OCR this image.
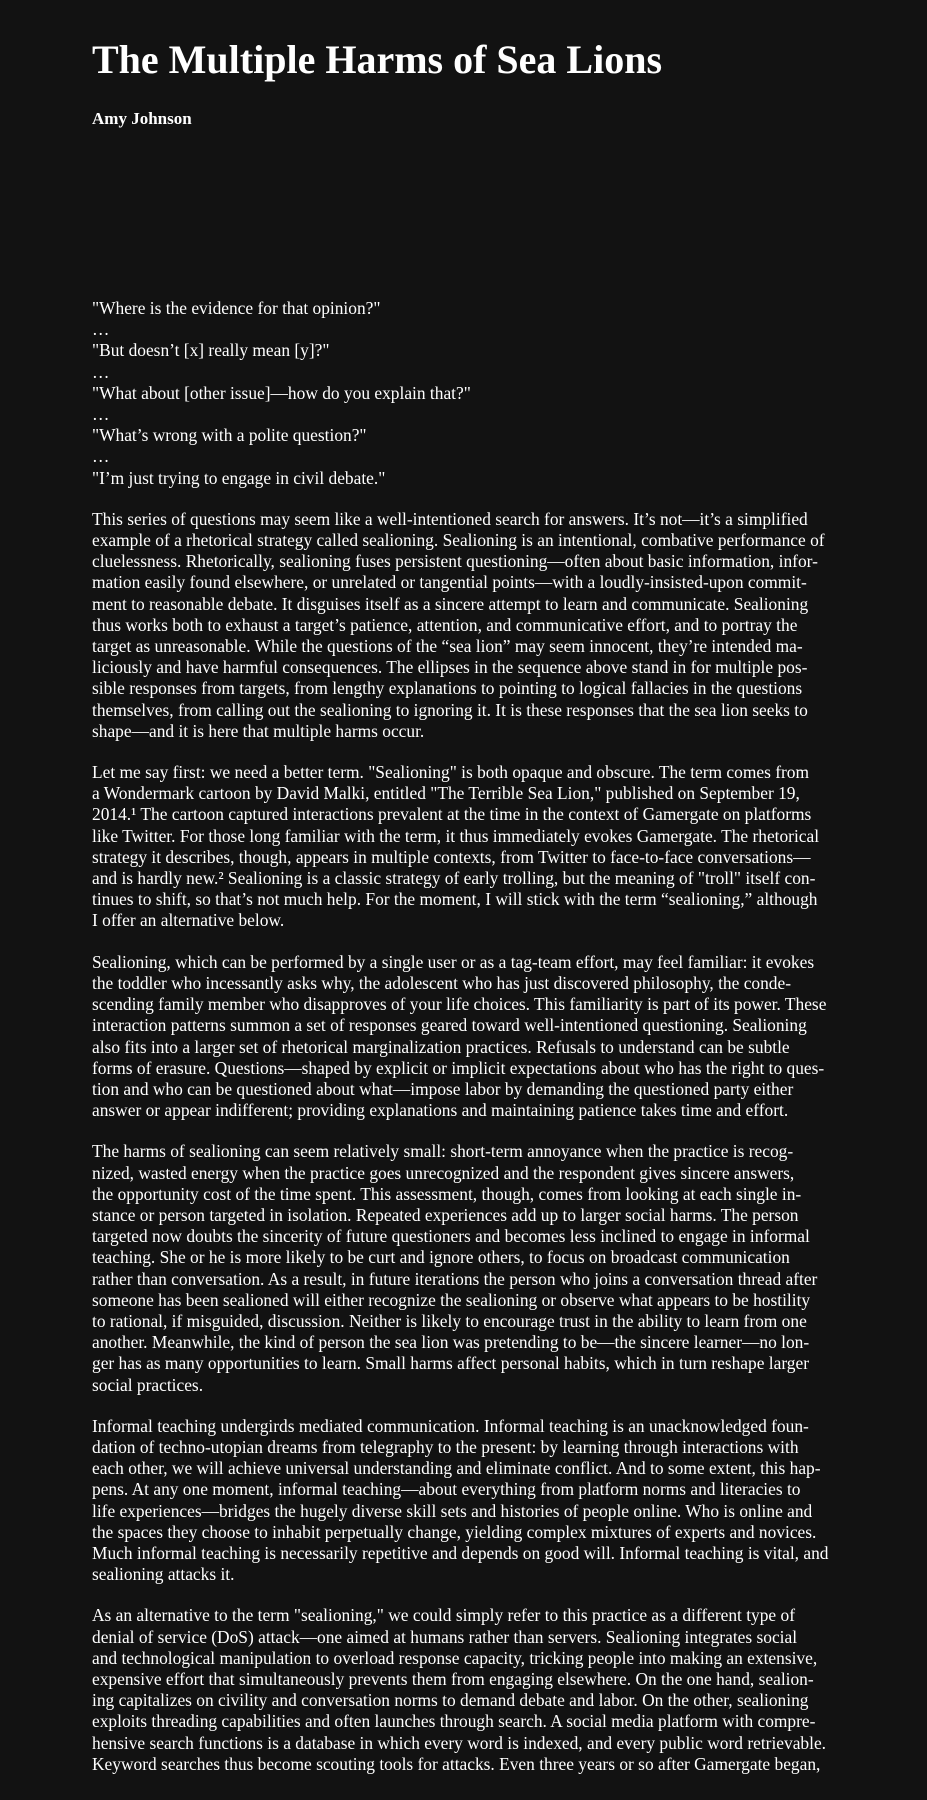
The Multiple Harms of Sea Lions
Amy Johnson
"Where is the evidence for that opinion?"
…
"But doesn’t [x] really mean [y]?"
…
"What about [other issue]—how do you explain that?"
…
"What’s wrong with a polite question?"
…
"I’m just trying to engage in civil debate."

This series of questions may seem like a well-intentioned search for answers. It’s not—it’s a simplified
example of a rhetorical strategy called sealioning. Sealioning is an intentional, combative performance of
cluelessness. Rhetorically, sealioning fuses persistent questioning—often about basic information, infor-
mation easily found elsewhere, or unrelated or tangential points—with a loudly-insisted-upon commit-
ment to reasonable debate. It disguises itself as a sincere attempt to learn and communicate. Sealioning
thus works both to exhaust a target’s patience, attention, and communicative effort, and to portray the
target as unreasonable. While the questions of the “sea lion” may seem innocent, they’re intended ma-
liciously and have harmful consequences. The ellipses in the sequence above stand in for multiple pos-
sible responses from targets, from lengthy explanations to pointing to logical fallacies in the questions
themselves, from calling out the sealioning to ignoring it. It is these responses that the sea lion seeks to
shape—and it is here that multiple harms occur.

Let me say first: we need a better term. "Sealioning" is both opaque and obscure. The term comes from
a Wondermark cartoon by David Malki, entitled "The Terrible Sea Lion," published on September 19,
2014.¹ The cartoon captured interactions prevalent at the time in the context of Gamergate on platforms
like Twitter. For those long familiar with the term, it thus immediately evokes Gamergate. The rhetorical
strategy it describes, though, appears in multiple contexts, from Twitter to face-to-face conversations—
and is hardly new.² Sealioning is a classic strategy of early trolling, but the meaning of "troll" itself con-
tinues to shift, so that’s not much help. For the moment, I will stick with the term “sealioning,” although
I offer an alternative below.

Sealioning, which can be performed by a single user or as a tag-team effort, may feel familiar: it evokes
the toddler who incessantly asks why, the adolescent who has just discovered philosophy, the conde-
scending family member who disapproves of your life choices. This familiarity is part of its power. These
interaction patterns summon a set of responses geared toward well-intentioned questioning. Sealioning
also fits into a larger set of rhetorical marginalization practices. Refusals to understand can be subtle
forms of erasure. Questions—shaped by explicit or implicit expectations about who has the right to ques-
tion and who can be questioned about what—impose labor by demanding the questioned party either
answer or appear indifferent; providing explanations and maintaining patience takes time and effort.

The harms of sealioning can seem relatively small: short-term annoyance when the practice is recog-
nized, wasted energy when the practice goes unrecognized and the respondent gives sincere answers,
the opportunity cost of the time spent. This assessment, though, comes from looking at each single in-
stance or person targeted in isolation. Repeated experiences add up to larger social harms. The person
targeted now doubts the sincerity of future questioners and becomes less inclined to engage in informal
teaching. She or he is more likely to be curt and ignore others, to focus on broadcast communication
rather than conversation. As a result, in future iterations the person who joins a conversation thread after
someone has been sealioned will either recognize the sealioning or observe what appears to be hostility
to rational, if misguided, discussion. Neither is likely to encourage trust in the ability to learn from one
another. Meanwhile, the kind of person the sea lion was pretending to be—the sincere learner—no lon-
ger has as many opportunities to learn. Small harms affect personal habits, which in turn reshape larger
social practices.

Informal teaching undergirds mediated communication. Informal teaching is an unacknowledged foun-
dation of techno-utopian dreams from telegraphy to the present: by learning through interactions with
each other, we will achieve universal understanding and eliminate conflict. And to some extent, this hap-
pens. At any one moment, informal teaching—about everything from platform norms and literacies to
life experiences—bridges the hugely diverse skill sets and histories of people online. Who is online and
the spaces they choose to inhabit perpetually change, yielding complex mixtures of experts and novices.
Much informal teaching is necessarily repetitive and depends on good will. Informal teaching is vital, and
sealioning attacks it.

As an alternative to the term "sealioning," we could simply refer to this practice as a different type of
denial of service (DoS) attack—one aimed at humans rather than servers. Sealioning integrates social
and technological manipulation to overload response capacity, tricking people into making an extensive,
expensive effort that simultaneously prevents them from engaging elsewhere. On the one hand, sealion-
ing capitalizes on civility and conversation norms to demand debate and labor. On the other, sealioning
exploits threading capabilities and often launches through search. A social media platform with compre-
hensive search functions is a database in which every word is indexed, and every public word retrievable.
Keyword searches thus become scouting tools for attacks. Even three years or so after Gamergate began,
